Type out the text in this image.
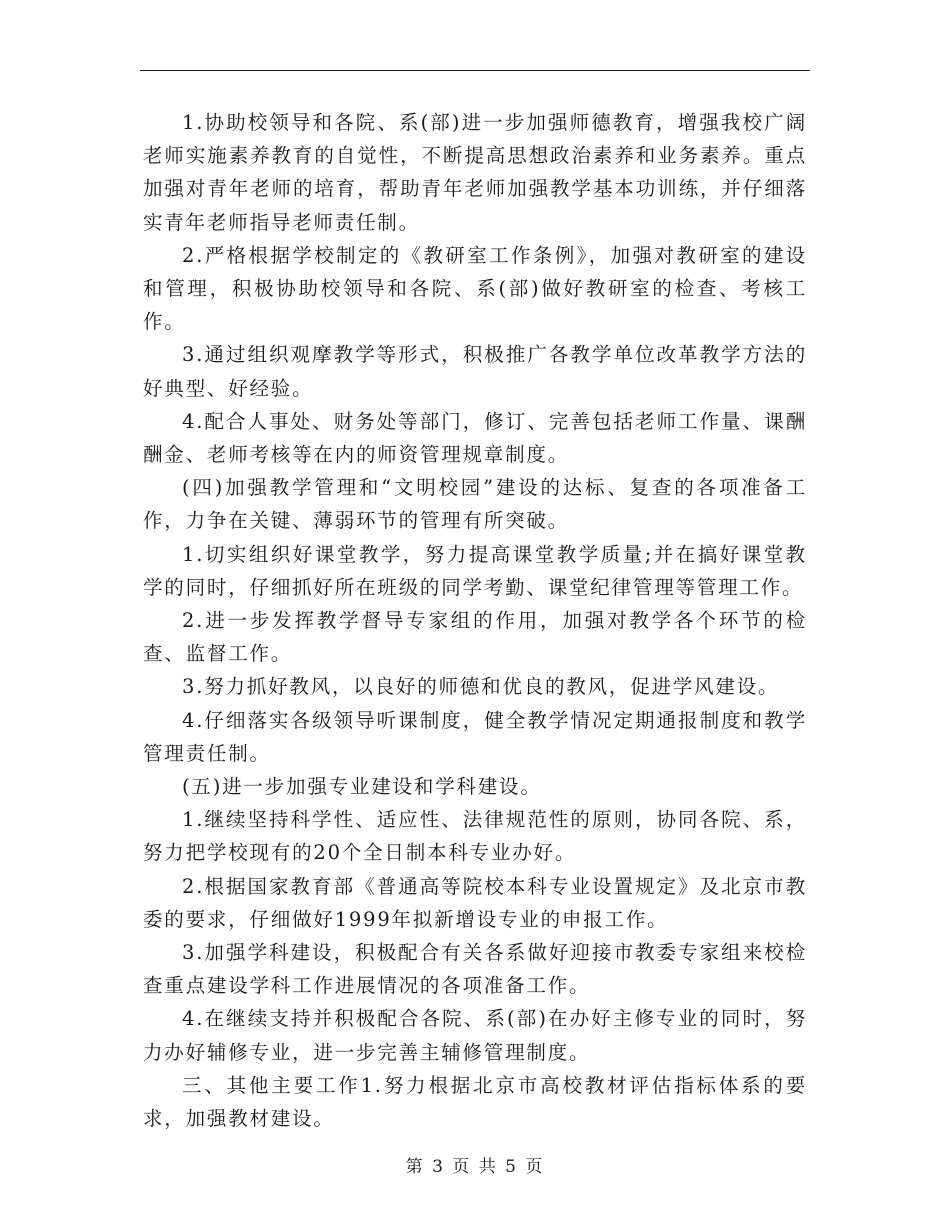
1.协助校领导和各院、系(部)进一步加强师德教育，增强我校广阔老师实施素养教育的自觉性，不断提高思想政治素养和业务素养。重点加强对青年老师的培育，帮助青年老师加强教学基本功训练，并仔细落实青年老师指导老师责任制。

2.严格根据学校制定的《教研室工作条例》，加强对教研室的建设和管理，积极协助校领导和各院、系(部)做好教研室的检查、考核工作。

3.通过组织观摩教学等形式，积极推广各教学单位改革教学方法的好典型、好经验。

4.配合人事处、财务处等部门，修订、完善包括老师工作量、课酬酬金、老师考核等在内的师资管理规章制度。

(四)加强教学管理和“文明校园”建设的达标、复查的各项准备工作，力争在关键、薄弱环节的管理有所突破。

1.切实组织好课堂教学，努力提高课堂教学质量;并在搞好课堂教学的同时，仔细抓好所在班级的同学考勤、课堂纪律管理等管理工作。

2.进一步发挥教学督导专家组的作用，加强对教学各个环节的检查、监督工作。

3.努力抓好教风，以良好的师德和优良的教风，促进学风建设。

4.仔细落实各级领导听课制度，健全教学情况定期通报制度和教学管理责任制。

(五)进一步加强专业建设和学科建设。

1.继续坚持科学性、适应性、法律规范性的原则，协同各院、系，努力把学校现有的20个全日制本科专业办好。

2.根据国家教育部《普通高等院校本科专业设置规定》及北京市教委的要求，仔细做好1999年拟新增设专业的申报工作。

3.加强学科建设，积极配合有关各系做好迎接市教委专家组来校检查重点建设学科工作进展情况的各项准备工作。

4.在继续支持并积极配合各院、系(部)在办好主修专业的同时，努力办好辅修专业，进一步完善主辅修管理制度。

三、其他主要工作1.努力根据北京市高校教材评估指标体系的要求，加强教材建设。

第 3 页 共 5 页
